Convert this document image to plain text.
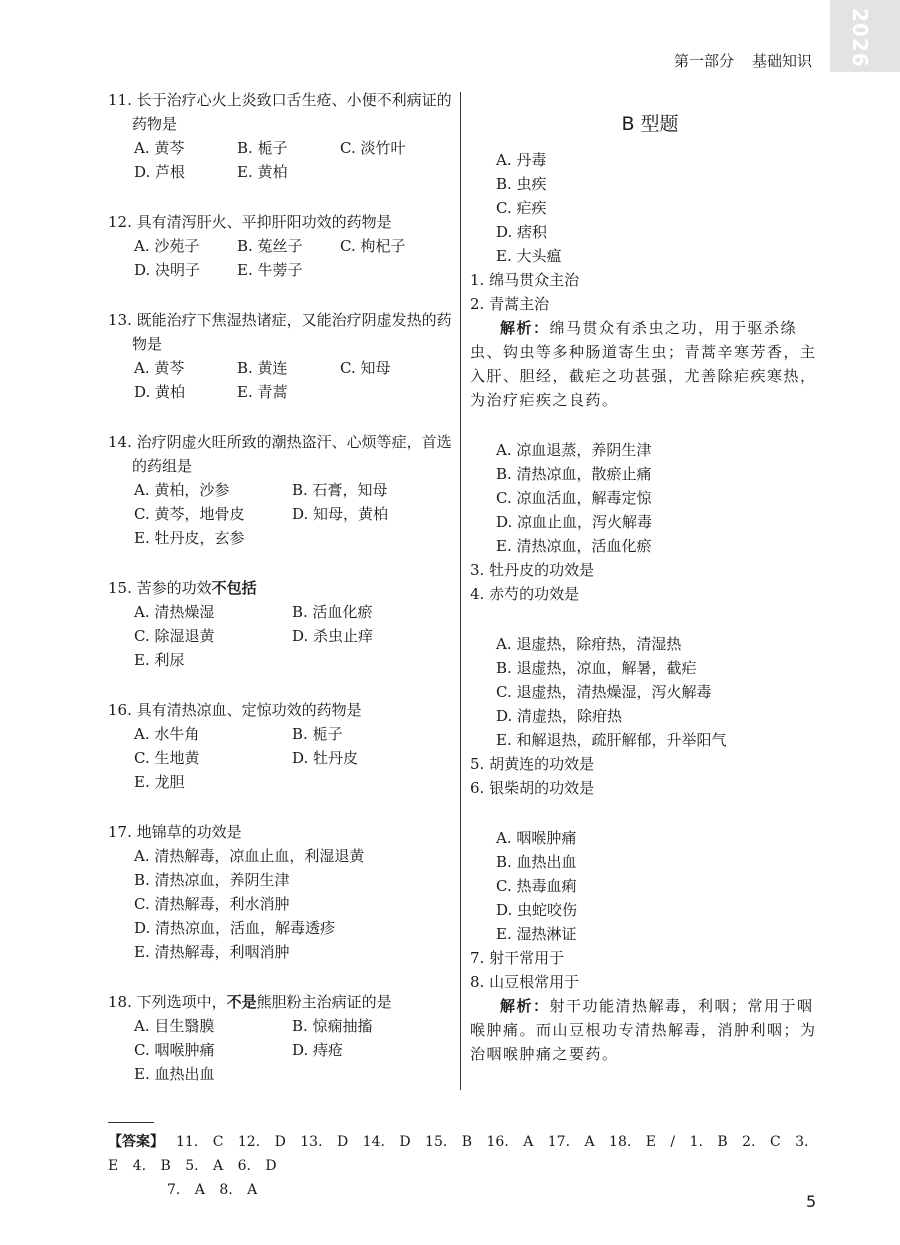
2026
第一部分 基础知识
11. 长于治疗心火上炎致口舌生疮、小便不利病证的药物是
A. 黄芩	B. 栀子	C. 淡竹叶
D. 芦根	E. 黄柏
12. 具有清泻肝火、平抑肝阳功效的药物是
A. 沙苑子	B. 菟丝子	C. 枸杞子
D. 决明子	E. 牛蒡子
13. 既能治疗下焦湿热诸症，又能治疗阴虚发热的药物是
A. 黄芩	B. 黄连	C. 知母
D. 黄柏	E. 青蒿
14. 治疗阴虚火旺所致的潮热盗汗、心烦等症，首选的药组是
A. 黄柏，沙参	B. 石膏，知母
C. 黄芩，地骨皮	D. 知母，黄柏
E. 牡丹皮，玄参
15. 苦参的功效不包括
A. 清热燥湿	B. 活血化瘀
C. 除湿退黄	D. 杀虫止痒
E. 利尿
16. 具有清热凉血、定惊功效的药物是
A. 水牛角	B. 栀子
C. 生地黄	D. 牡丹皮
E. 龙胆
17. 地锦草的功效是
A. 清热解毒，凉血止血，利湿退黄
B. 清热凉血，养阴生津
C. 清热解毒，利水消肿
D. 清热凉血，活血，解毒透疹
E. 清热解毒，利咽消肿
18. 下列选项中，不是熊胆粉主治病证的是
A. 目生翳膜	B. 惊痫抽搐
C. 咽喉肿痛	D. 痔疮
E. 血热出血
B 型题
A. 丹毒
B. 虫疾
C. 疟疾
D. 痞积
E. 大头瘟
1. 绵马贯众主治
2. 青蒿主治
解析：绵马贯众有杀虫之功，用于驱杀绦虫、钩虫等多种肠道寄生虫；青蒿辛寒芳香，主入肝、胆经，截疟之功甚强，尤善除疟疾寒热，为治疗疟疾之良药。
A. 凉血退蒸，养阴生津
B. 清热凉血，散瘀止痛
C. 凉血活血，解毒定惊
D. 凉血止血，泻火解毒
E. 清热凉血，活血化瘀
3. 牡丹皮的功效是
4. 赤芍的功效是
A. 退虚热，除疳热，清湿热
B. 退虚热，凉血，解暑，截疟
C. 退虚热，清热燥湿，泻火解毒
D. 清虚热，除疳热
E. 和解退热，疏肝解郁，升举阳气
5. 胡黄连的功效是
6. 银柴胡的功效是
A. 咽喉肿痛
B. 血热出血
C. 热毒血痢
D. 虫蛇咬伤
E. 湿热淋证
7. 射干常用于
8. 山豆根常用于
解析：射干功能清热解毒，利咽；常用于咽喉肿痛。而山豆根功专清热解毒，消肿利咽；为治咽喉肿痛之要药。
【答案】 11. C 12. D 13. D 14. D 15. B 16. A 17. A 18. E / 1. B 2. C 3. E 4. B 5. A 6. D
7. A 8. A
5
